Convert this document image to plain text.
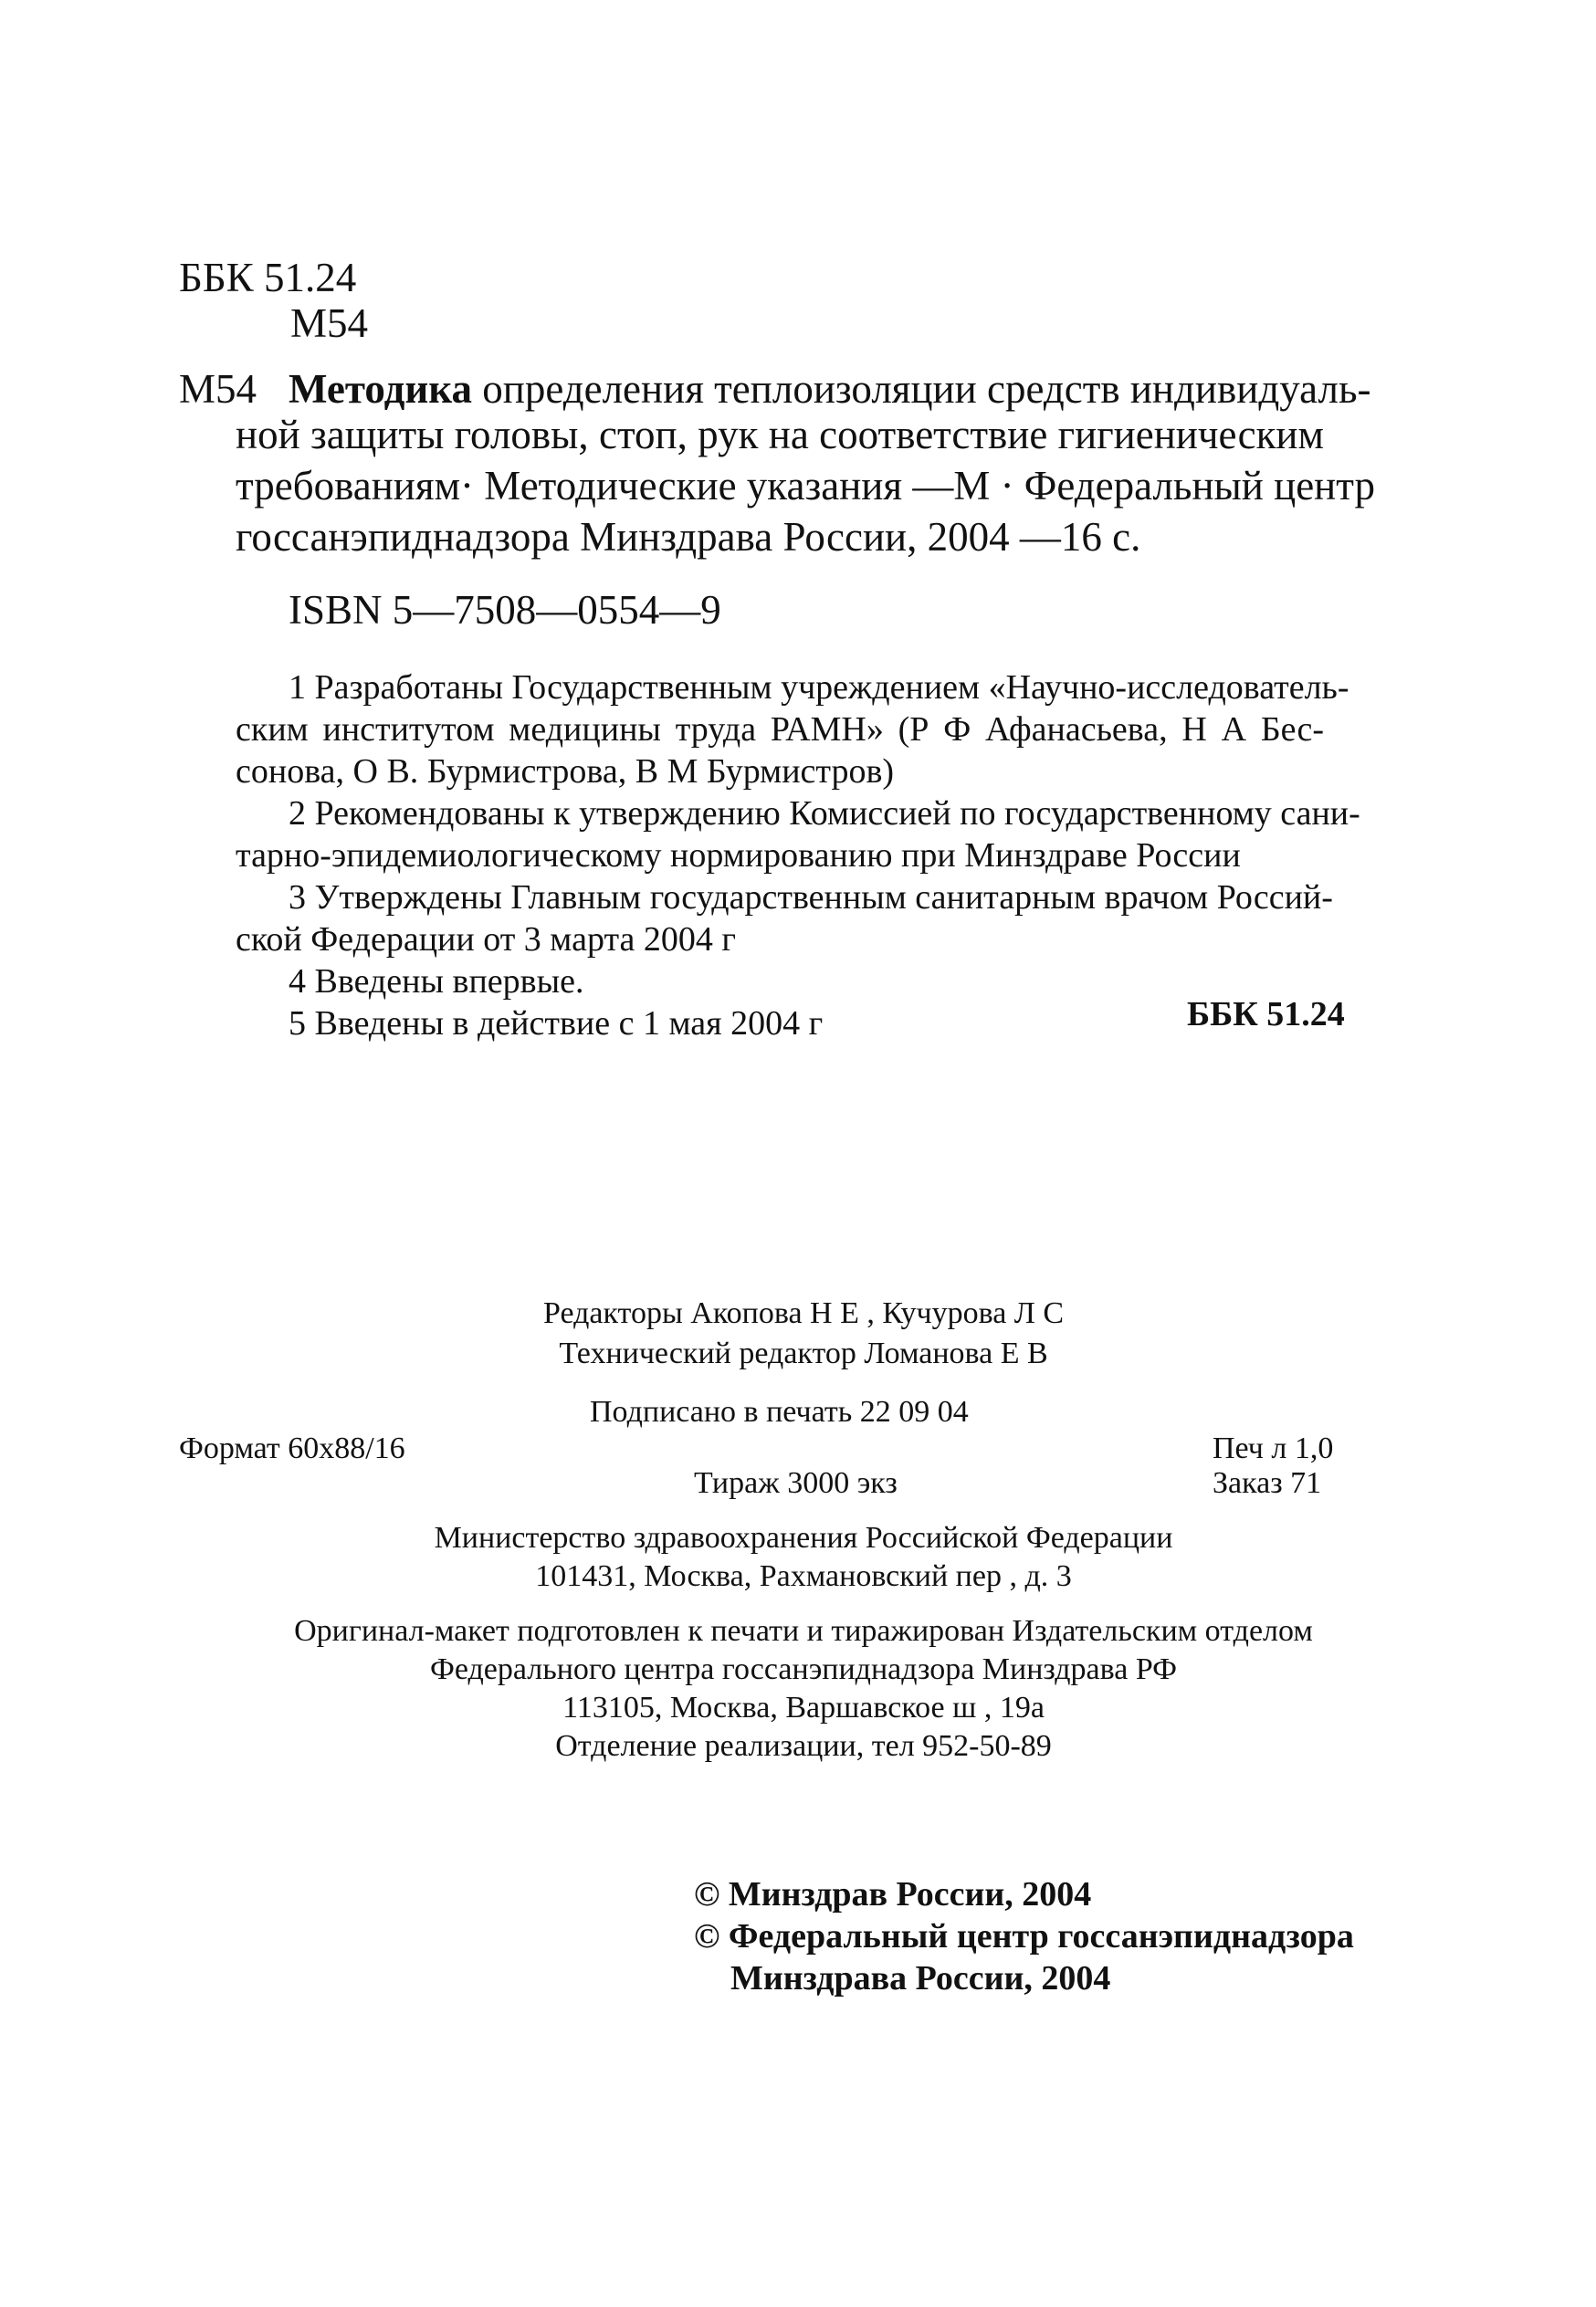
ББК 51.24
М54
М54 Методика определения теплоизоляции средств индивидуаль-
ной защиты головы, стоп, рук на соответствие гигиеническим
требованиям· Методические указания —М · Федеральный центр
госсанэпиднадзора Минздрава России, 2004 —16 с.
ISBN 5—7508—0554—9
1 Разработаны Государственным учреждением «Научно-исследователь-
ским институтом медицины труда РАМН» (Р Ф Афанасьева, Н А Бес-
сонова, О В. Бурмистрова, В М Бурмистров)
2 Рекомендованы к утверждению Комиссией по государственному сани-
тарно-эпидемиологическому нормированию при Минздраве России
3 Утверждены Главным государственным санитарным врачом Россий-
ской Федерации от 3 марта 2004 г
4 Введены впервые.
5 Введены в действие с 1 мая 2004 г	ББК 51.24
Редакторы Акопова Н Е , Кучурова Л С
Технический редактор Ломанова Е В
Подписано в печать 22 09 04
Формат 60x88/16	Печ л 1,0
Тираж 3000 экз	Заказ 71
Министерство здравоохранения Российской Федерации
101431, Москва, Рахмановский пер , д. 3
Оригинал-макет подготовлен к печати и тиражирован Издательским отделом
Федерального центра госсанэпиднадзора Минздрава РФ
113105, Москва, Варшавское ш , 19а
Отделение реализации, тел 952-50-89
© Минздрав России, 2004
© Федеральный центр госсанэпиднадзора
Минздрава России, 2004
